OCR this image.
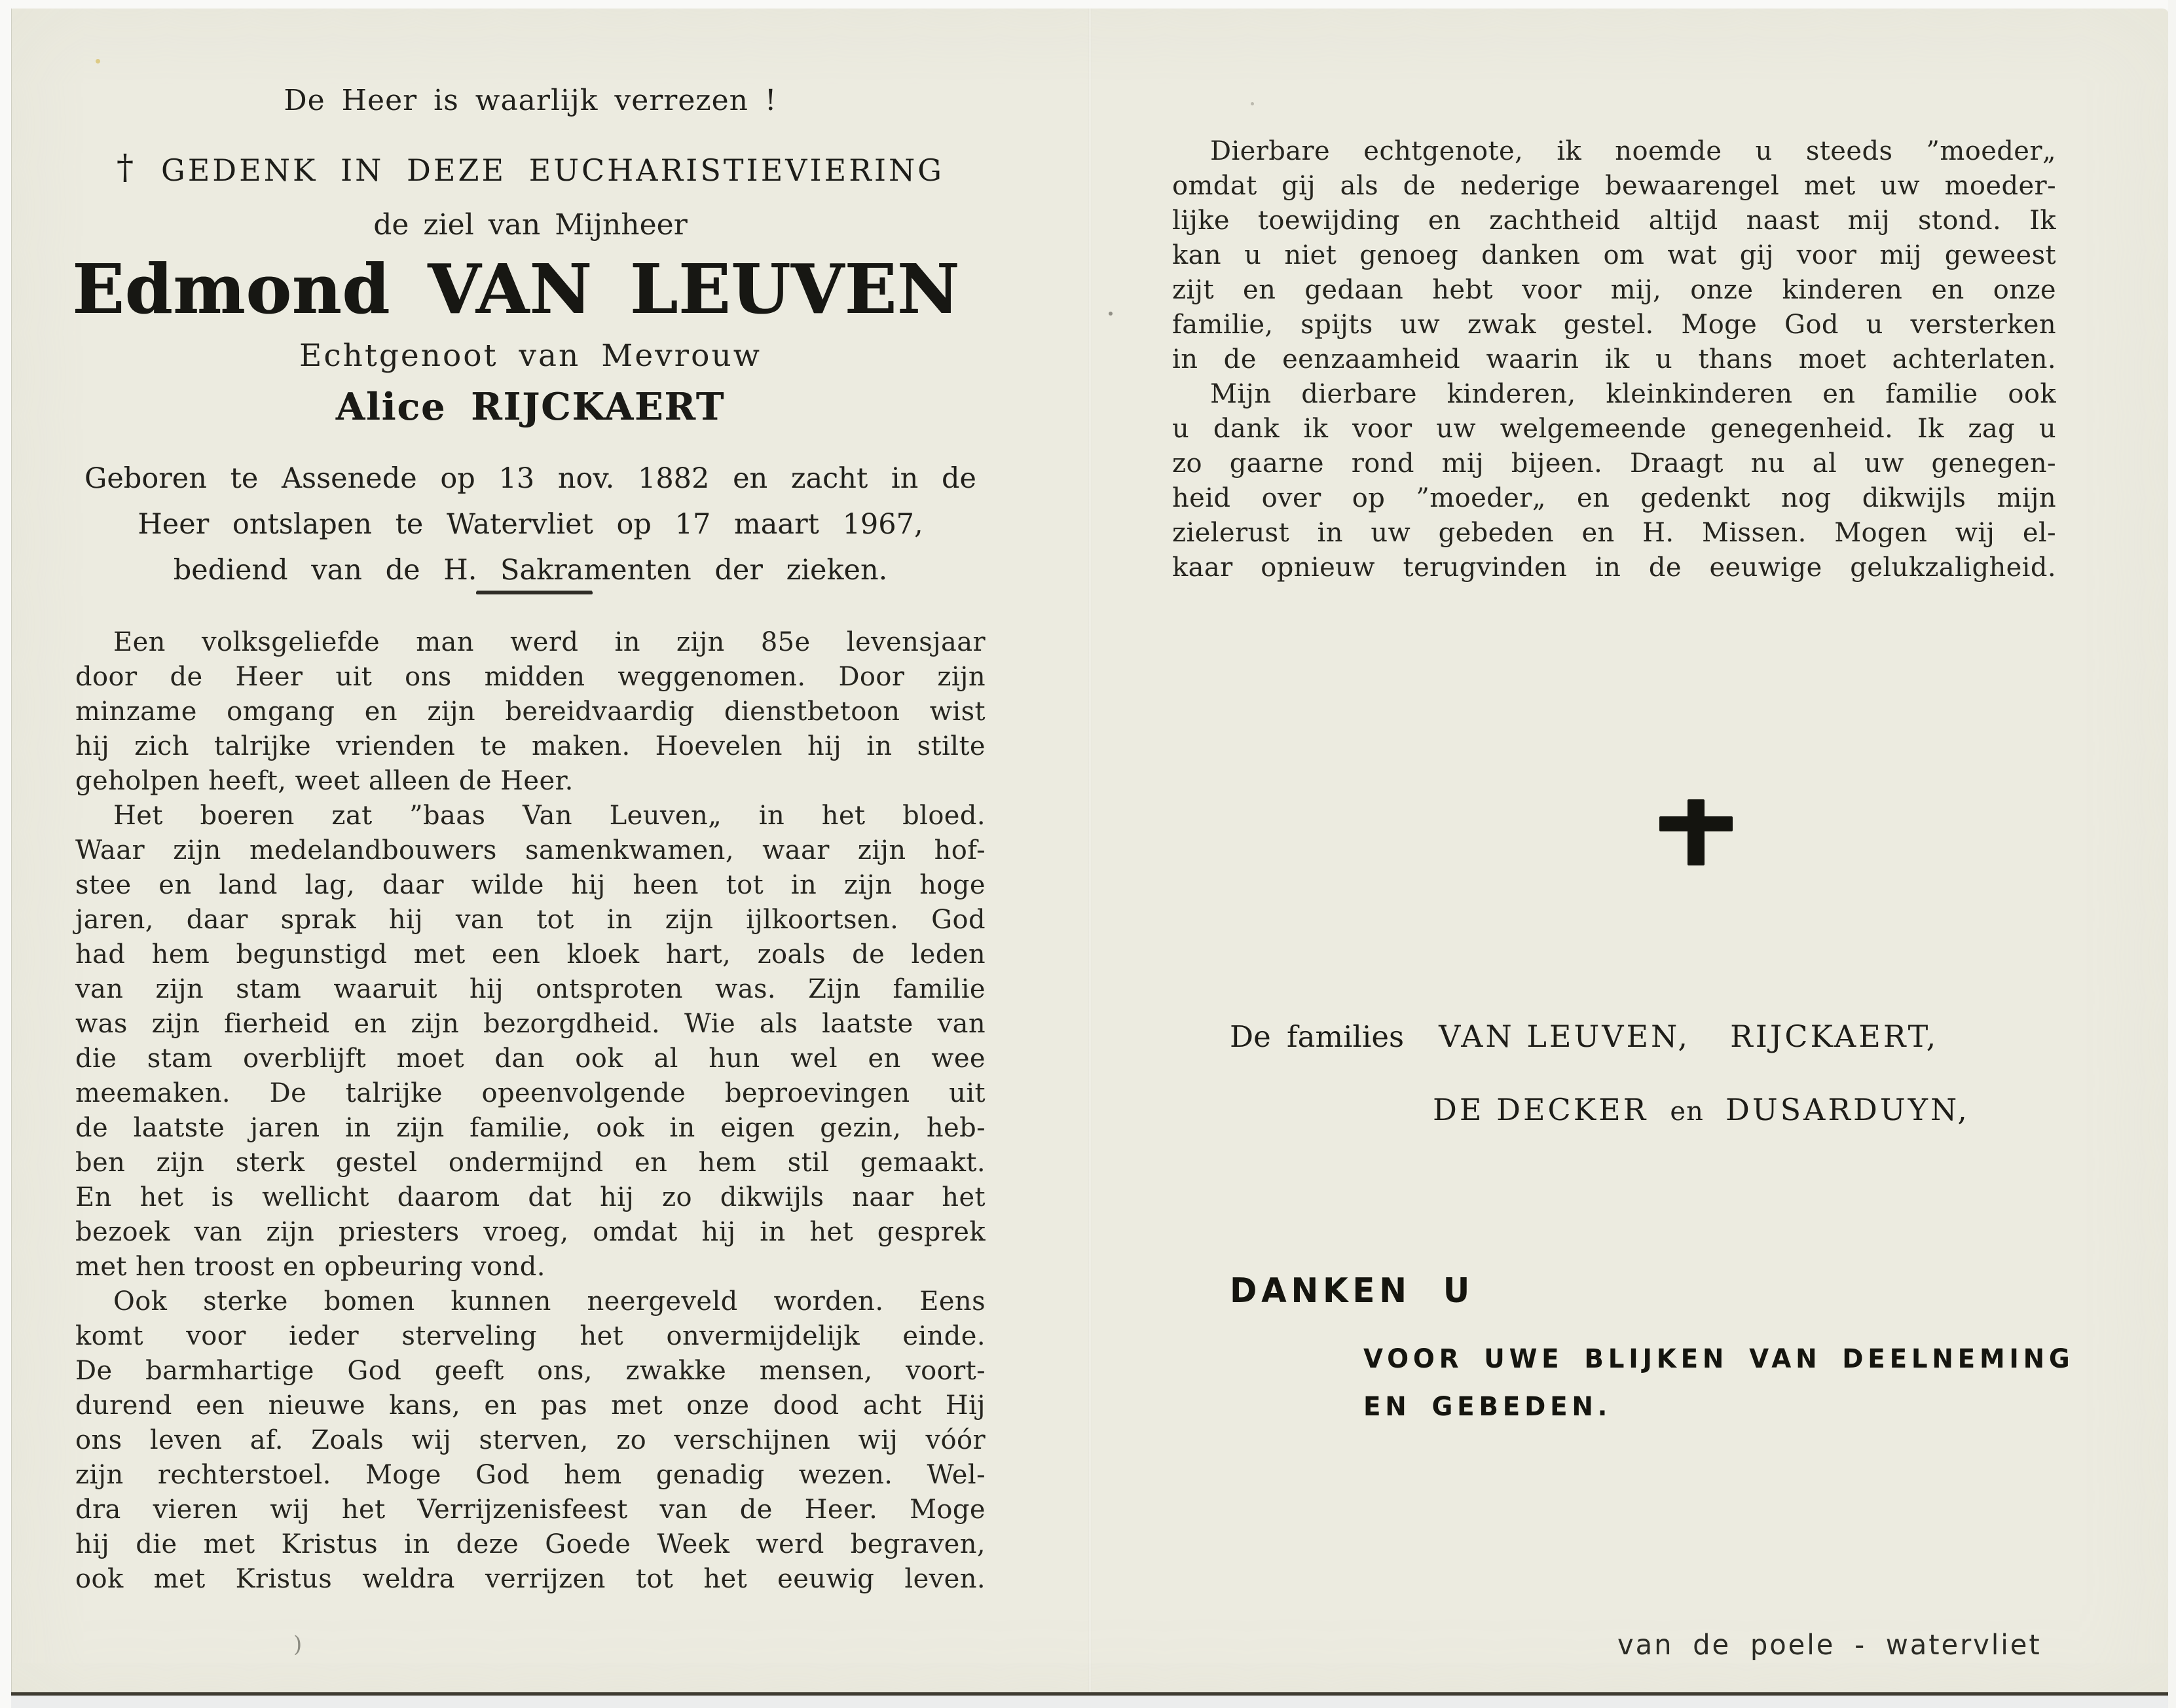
De Heer is waarlijk verrezen !
† GEDENK IN DEZE EUCHARISTIEVIERING
de ziel van Mijnheer
Edmond VAN LEUVEN
Echtgenoot van Mevrouw
Alice RIJCKAERT
Geboren te Assenede op 13 nov. 1882 en zacht in de
Heer ontslapen te Watervliet op 17 maart 1967,
bediend van de H. Sakramenten der zieken.
Een volksgeliefde man werd in zijn 85e levensjaar
door de Heer uit ons midden weggenomen. Door zijn
minzame omgang en zijn bereidvaardig dienstbetoon wist
hij zich talrijke vrienden te maken. Hoevelen hij in stilte
geholpen heeft, weet alleen de Heer.
Het boeren zat ”baas Van Leuven„ in het bloed.
Waar zijn medelandbouwers samenkwamen, waar zijn hof-
stee en land lag, daar wilde hij heen tot in zijn hoge
jaren, daar sprak hij van tot in zijn ijlkoortsen. God
had hem begunstigd met een kloek hart, zoals de leden
van zijn stam waaruit hij ontsproten was. Zijn familie
was zijn fierheid en zijn bezorgdheid. Wie als laatste van
die stam overblijft moet dan ook al hun wel en wee
meemaken. De talrijke opeenvolgende beproevingen uit
de laatste jaren in zijn familie, ook in eigen gezin, heb-
ben zijn sterk gestel ondermijnd en hem stil gemaakt.
En het is wellicht daarom dat hij zo dikwijls naar het
bezoek van zijn priesters vroeg, omdat hij in het gesprek
met hen troost en opbeuring vond.
Ook sterke bomen kunnen neergeveld worden. Eens
komt voor ieder sterveling het onvermijdelijk einde.
De barmhartige God geeft ons, zwakke mensen, voort-
durend een nieuwe kans, en pas met onze dood acht Hij
ons leven af. Zoals wij sterven, zo verschijnen wij vóór
zijn rechterstoel. Moge God hem genadig wezen. Wel-
dra vieren wij het Verrijzenisfeest van de Heer. Moge
hij die met Kristus in deze Goede Week werd begraven,
ook met Kristus weldra verrijzen tot het eeuwig leven.
)
Dierbare echtgenote, ik noemde u steeds ”moeder„
omdat gij als de nederige bewaarengel met uw moeder-
lijke toewijding en zachtheid altijd naast mij stond. Ik
kan u niet genoeg danken om wat gij voor mij geweest
zijt en gedaan hebt voor mij, onze kinderen en onze
familie, spijts uw zwak gestel. Moge God u versterken
in de eenzaamheid waarin ik u thans moet achterlaten.
Mijn dierbare kinderen, kleinkinderen en familie ook
u dank ik voor uw welgemeende genegenheid. Ik zag u
zo gaarne rond mij bijeen. Draagt nu al uw genegen-
heid over op ”moeder„ en gedenkt nog dikwijls mijn
zielerust in uw gebeden en H. Missen. Mogen wij el-
kaar opnieuw terugvinden in de eeuwige gelukzaligheid.
De families VAN LEUVEN, RIJCKAERT,
DE DECKER en DUSARDUYN,
DANKEN U
VOOR UWE BLIJKEN VAN DEELNEMING
EN GEBEDEN.
van de poele - watervliet
